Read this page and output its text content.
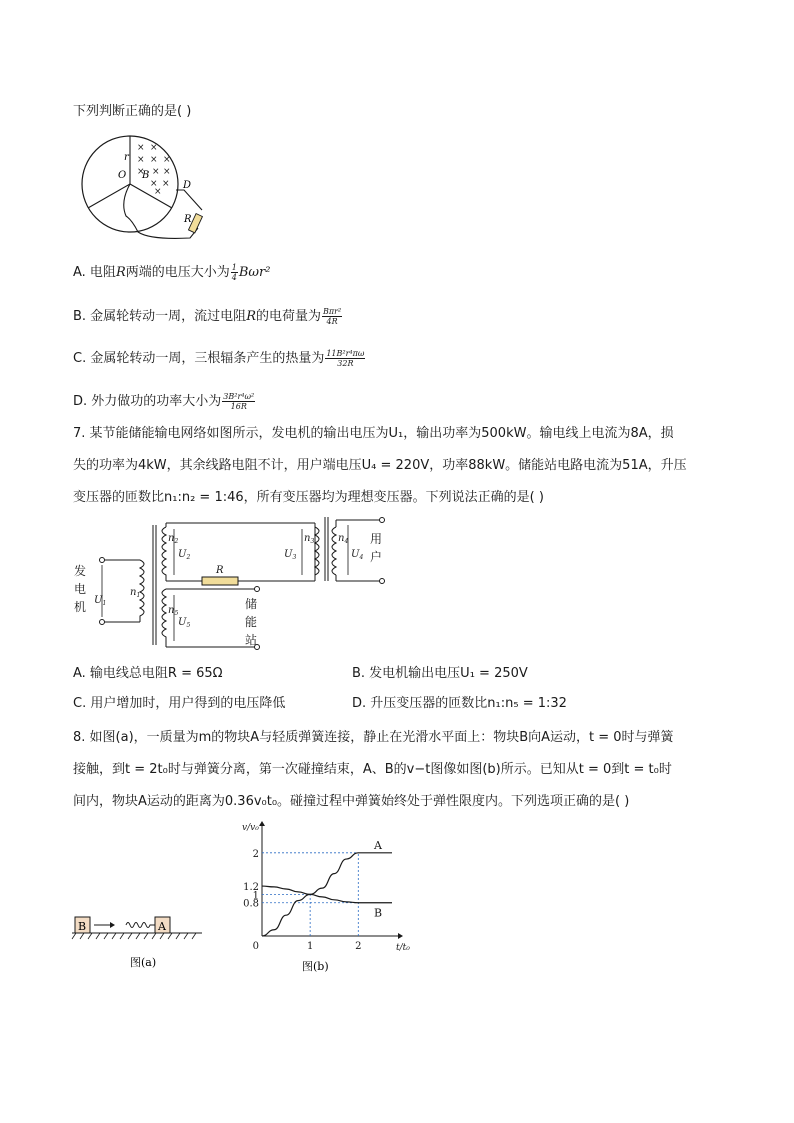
下列判断正确的是( )
× ×
× × ×
× × ×
× ×
×
r
O B
D
R
A. 电阻R两端的电压大小为 $\frac{1}{4} B\omega r^2$
B. 金属轮转动一周，流过电阻R的电荷量为 $\frac{\text{Bπr²}}{4R}$
C. 金属轮转动一周，三根辐条产生的热量为 $\frac{\text{11B²r⁴πω}}{32R}$
D. 外力做功的功率大小为 $\frac{\text{3B²r⁴ω²}}{16R}$
7. 某节能储能输电网络如图所示，发电机的输出电压为U₁，输出功率为500kW。输电线上电流为8A，损
失的功率为4kW，其余线路电阻不计，用户端电压U₄ = 220V，功率88kW。储能站电路电流为51A，升压
变压器的匝数比n₁:n₂ = 1:46，所有变压器均为理想变压器。下列说法正确的是( )
发
电
机
用
户
储
能
站
$n_1$
$n_2$	$n_3$ $n_4$
$n_5$
$U_1$
$U_2$	$U_3$	$U_4$
$U_5$
R
A. 输电线总电阻R = 65Ω	B. 发电机输出电压U₁ = 250V
C. 用户增加时，用户得到的电压降低	D. 升压变压器的匝数比n₁:n₅ = 1:32
8. 如图(a)，一质量为m的物块A与轻质弹簧连接，静止在光滑水平面上：物块B向A运动，t = 0时与弹簧
接触，到t = 2t₀时与弹簧分离，第一次碰撞结束，A、B的v−t图像如图(b)所示。已知从t = 0到t = t₀时
间内，物块A运动的距离为0.36v₀t₀。碰撞过程中弹簧始终处于弹性限度内。下列选项正确的是( )
B	A
图(a)
0.8
1
1.2
2
1	2
0
v/v₀
t/t₀
A
B
图(b)
